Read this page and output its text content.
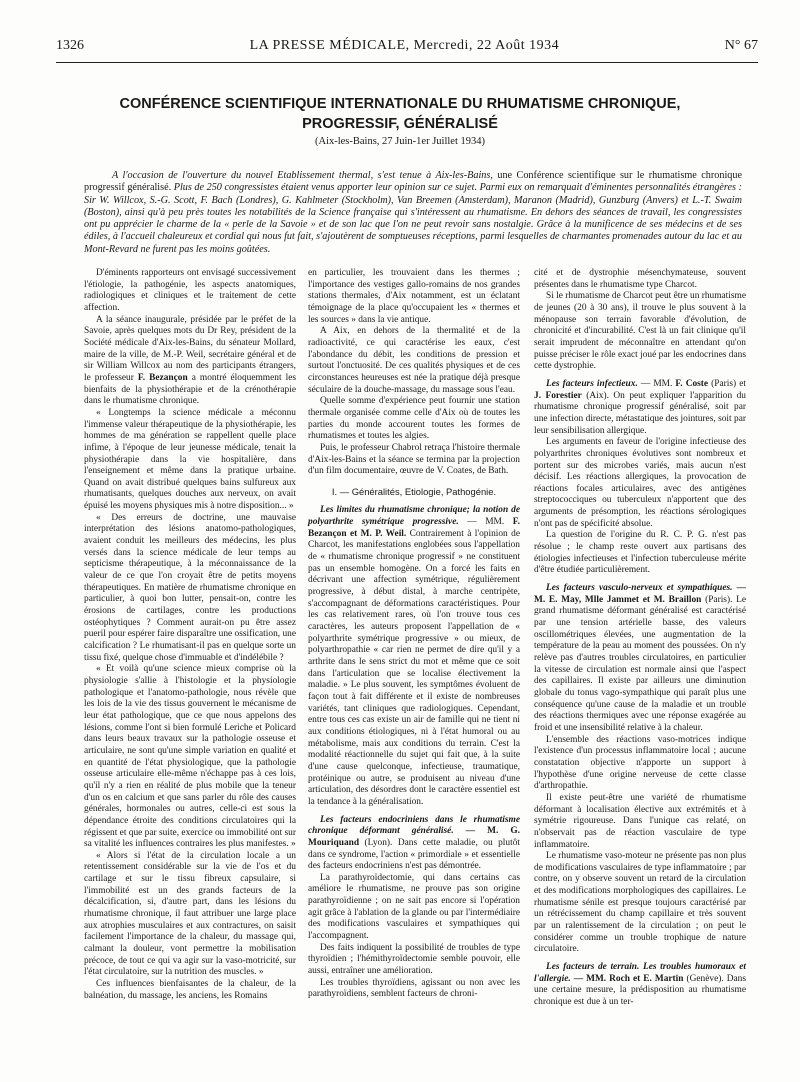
1326	LA PRESSE MÉDICALE, Mercredi, 22 Août 1934	N° 67
CONFÉRENCE SCIENTIFIQUE INTERNATIONALE DU RHUMATISME CHRONIQUE,
PROGRESSIF, GÉNÉRALISÉ
(Aix-les-Bains, 27 Juin-1er Juillet 1934)
A l'occasion de l'ouverture du nouvel Etablissement thermal, s'est tenue à Aix-les-Bains, une Conférence scientifique sur le rhumatisme chronique progressif généralisé. Plus de 250 congressistes étaient venus apporter leur opinion sur ce sujet. Parmi eux on remarquait d'éminentes personnalités étrangères : Sir W. Willcox, S.-G. Scott, F. Bach (Londres), G. Kahlmeter (Stockholm), Van Breemen (Amsterdam), Maranon (Madrid), Gunzburg (Anvers) et L.-T. Swaim (Boston), ainsi qu'à peu près toutes les notabilités de la Science française qui s'intéressent au rhumatisme. En dehors des séances de travail, les congressistes ont pu apprécier le charme de la « perle de la Savoie » et de son lac que l'on ne peut revoir sans nostalgie. Grâce à la munificence de ses médecins et de ses édiles, à l'accueil chaleureux et cordial qui nous fut fait, s'ajoutèrent de somptueuses réceptions, parmi lesquelles de charmantes promenades autour du lac et au Mont-Revard ne furent pas les moins goûtées.

D'éminents rapporteurs ont envisagé successivement l'étiologie, la pathogénie, les aspects anatomiques, radiologiques et cliniques et le traitement de cette affection.

A la séance inaugurale, présidée par le préfet de la Savoie, après quelques mots du Dr Rey, président de la Société médicale d'Aix-les-Bains, du sénateur Mollard, maire de la ville, de M.-P. Weil, secrétaire général et de sir William Willcox au nom des participants étrangers, le professeur F. Bezançon a montré éloquemment les bienfaits de la physiothérapie et de la crénothérapie dans le rhumatisme chronique.

« Longtemps la science médicale a méconnu l'immense valeur thérapeutique de la physiothérapie, les hommes de ma génération se rappellent quelle place infime, à l'époque de leur jeunesse médicale, tenait la physiothérapie dans la vie hospitalière, dans l'enseignement et même dans la pratique urbaine. Quand on avait distribué quelques bains sulfureux aux rhumatisants, quelques douches aux nerveux, on avait épuisé les moyens physiques mis à notre disposition... »

« Des erreurs de doctrine, une mauvaise interprétation des lésions anatomo-pathologiques, avaient conduit les meilleurs des médecins, les plus versés dans la science médicale de leur temps au septicisme thérapeutique, à la méconnaissance de la valeur de ce que l'on croyait être de petits moyens thérapeutiques. En matière de rhumatisme chronique en particulier, à quoi bon lutter, pensait-on, contre les érosions de cartilages, contre les productions ostéophytiques ? Comment aurait-on pu être assez pueril pour espérer faire disparaître une ossification, une calcification ? Le rhumatisant-il pas en quelque sorte un tissu fixé, quelque chose d'immuable et d'indélébile ?

« Et voilà qu'une science mieux comprise où la physiologie s'allie à l'histologie et la physiologie pathologique et l'anatomo-pathologie, nous révèle que les lois de la vie des tissus gouvernent le mécanisme de leur état pathologique, que ce que nous appelons des lésions, comme l'ont si bien formulé Leriche et Policard dans leurs beaux travaux sur la pathologie osseuse et articulaire, ne sont qu'une simple variation en qualité et en quantité de l'état physiologique, que la pathologie osseuse articulaire elle-même n'échappe pas à ces lois, qu'il n'y a rien en réalité de plus mobile que la teneur d'un os en calcium et que sans parler du rôle des causes générales, hormonales ou autres, celle-ci est sous la dépendance étroite des conditions circulatoires qui la régissent et que par suite, exercice ou immobilité ont sur sa vitalité les influences contraires les plus manifestes. »

« Alors si l'état de la circulation locale a un retentissement considérable sur la vie de l'os et du cartilage et sur le tissu fibreux capsulaire, si l'immobilité est un des grands facteurs de la décalcification, si, d'autre part, dans les lésions du rhumatisme chronique, il faut attribuer une large place aux atrophies musculaires et aux contractures, on saisit facilement l'importance de la chaleur, du massage qui, calmant la douleur, vont permettre la mobilisation précoce, de tout ce qui va agir sur la vaso-motricité, sur l'état circulatoire, sur la nutrition des muscles. »

Ces influences bienfaisantes de la chaleur, de la balnéation, du massage, les anciens, les Romains

en particulier, les trouvaient dans les thermes ; l'importance des vestiges gallo-romains de nos grandes stations thermales, d'Aix notamment, est un éclatant témoignage de la place qu'occupaient les « thermes et les sources » dans la vie antique.

A Aix, en dehors de la thermalité et de la radioactivité, ce qui caractérise les eaux, c'est l'abondance du débit, les conditions de pression et surtout l'onctuosité. De ces qualités physiques et de ces circonstances heureuses est née la pratique déjà presque séculaire de la douche-massage, du massage sous l'eau.

Quelle somme d'expérience peut fournir une station thermale organisée comme celle d'Aix où de toutes les parties du monde accourent toutes les formes de rhumatismes et toutes les algies.

Puis, le professeur Chabrol retraça l'histoire thermale d'Aix-les-Bains et la séance se termina par la projection d'un film documentaire, œuvre de V. Coates, de Bath.

I. — Généralités, Etiologie, Pathogénie.

Les limites du rhumatisme chronique; la notion de polyarthrite symétrique progressive. — MM. F. Bezançon et M. P. Weil. Contrairement à l'opinion de Charcot, les manifestations englobées sous l'appellation de « rhumatisme chronique progressif » ne constituent pas un ensemble homogène. On a forcé les faits en décrivant une affection symétrique, régulièrement progressive, à début distal, à marche centripète, s'accompagnant de déformations caractéristiques. Pour les cas relativement rares, où l'on trouve tous ces caractères, les auteurs proposent l'appellation de « polyarthrite symétrique progressive » ou mieux, de polyarthropathie « car rien ne permet de dire qu'il y a arthrite dans le sens strict du mot et même que ce soit dans l'articulation que se localise électivement la maladie. » Le plus souvent, les symptômes évoluent de façon tout à fait différente et il existe de nombreuses variétés, tant cliniques que radiologiques. Cependant, entre tous ces cas existe un air de famille qui ne tient ni aux conditions étiologiques, ni à l'état humoral ou au métabolisme, mais aux conditions du terrain. C'est la modalité réactionnelle du sujet qui fait que, à la suite d'une cause quelconque, infectieuse, traumatique, protéinique ou autre, se produisent au niveau d'une articulation, des désordres dont le caractère essentiel est la tendance à la généralisation.

Les facteurs endocriniens dans le rhumatisme chronique déformant généralisé. — M. G. Mouriquand (Lyon). Dans cette maladie, ou plutôt dans ce syndrome, l'action « primordiale » et essentielle des facteurs endocriniens n'est pas démontrée.

La parathyroïdectomie, qui dans certains cas améliore le rhumatisme, ne prouve pas son origine parathyroïdienne ; on ne sait pas encore si l'opération agit grâce à l'ablation de la glande ou par l'intermédiaire des modifications vasculaires et sympathiques qui l'accompagnent.

Des faits indiquent la possibilité de troubles de type thyroïdien ; l'hémithyroïdectomie semble pouvoir, elle aussi, entraîner une amélioration.

Les troubles thyroïdiens, agissant ou non avec les parathyroïdiens, semblent facteurs de chroni-

cité et de dystrophie mésenchymateuse, souvent présentes dans le rhumatisme type Charcot.

Si le rhumatisme de Charcot peut être un rhumatisme de jeunes (20 à 30 ans), il trouve le plus souvent à la ménopause son terrain favorable d'évolution, de chronicité et d'incurabilité. C'est là un fait clinique qu'il serait imprudent de méconnaître en attendant qu'on puisse préciser le rôle exact joué par les endocrines dans cette dystrophie.

Les facteurs infectieux. — MM. F. Coste (Paris) et J. Forestier (Aix). On peut expliquer l'apparition du rhumatisme chronique progressif généralisé, soit par une infection directe, métastatique des jointures, soit par leur sensibilisation allergique.

Les arguments en faveur de l'origine infectieuse des polyarthrites chroniques évolutives sont nombreux et portent sur des microbes variés, mais aucun n'est décisif. Les réactions allergiques, la provocation de réactions focales articulaires, avec des antigènes streptococciques ou tuberculeux n'apportent que des arguments de présomption, les réactions sérologiques n'ont pas de spécificité absolue.

La question de l'origine du R. C. P. G. n'est pas résolue ; le champ reste ouvert aux partisans des étiologies infectieuses et l'infection tuberculeuse mérite d'être étudiée particulièrement.

Les facteurs vasculo-nerveux et sympathiques. — M. E. May, Mlle Jammet et M. Braillon (Paris). Le grand rhumatisme déformant généralisé est caractérisé par une tension artérielle basse, des valeurs oscillométriques élevées, une augmentation de la température de la peau au moment des poussées. On n'y relève pas d'autres troubles circulatoires, en particulier la vitesse de circulation est normale ainsi que l'aspect des capillaires. Il existe par ailleurs une diminution globale du tonus vago-sympathique qui paraît plus une conséquence qu'une cause de la maladie et un trouble des réactions thermiques avec une réponse exagérée au froid et une insensibilité relative à la chaleur.

L'ensemble des réactions vaso-motrices indique l'existence d'un processus inflammatoire local ; aucune constatation objective n'apporte un support à l'hypothèse d'une origine nerveuse de cette classe d'arthropathie.

Il existe peut-être une variété de rhumatisme déformant à localisation élective aux extrémités et à symétrie rigoureuse. Dans l'unique cas relaté, on n'observait pas de réaction vasculaire de type inflammatoire.

Le rhumatisme vaso-moteur ne présente pas non plus de modifications vasculaires de type inflammatoire ; par contre, on y observe souvent un retard de la circulation et des modifications morphologiques des capillaires. Le rhumatisme sénile est presque toujours caractérisé par un rétrécissement du champ capillaire et très souvent par un ralentissement de la circulation ; on peut le considérer comme un trouble trophique de nature circulatoire.

Les facteurs de terrain. Les troubles humoraux et l'allergie. — MM. Roch et E. Martin (Genève). Dans une certaine mesure, la prédisposition au rhumatisme chronique est due à un ter-
